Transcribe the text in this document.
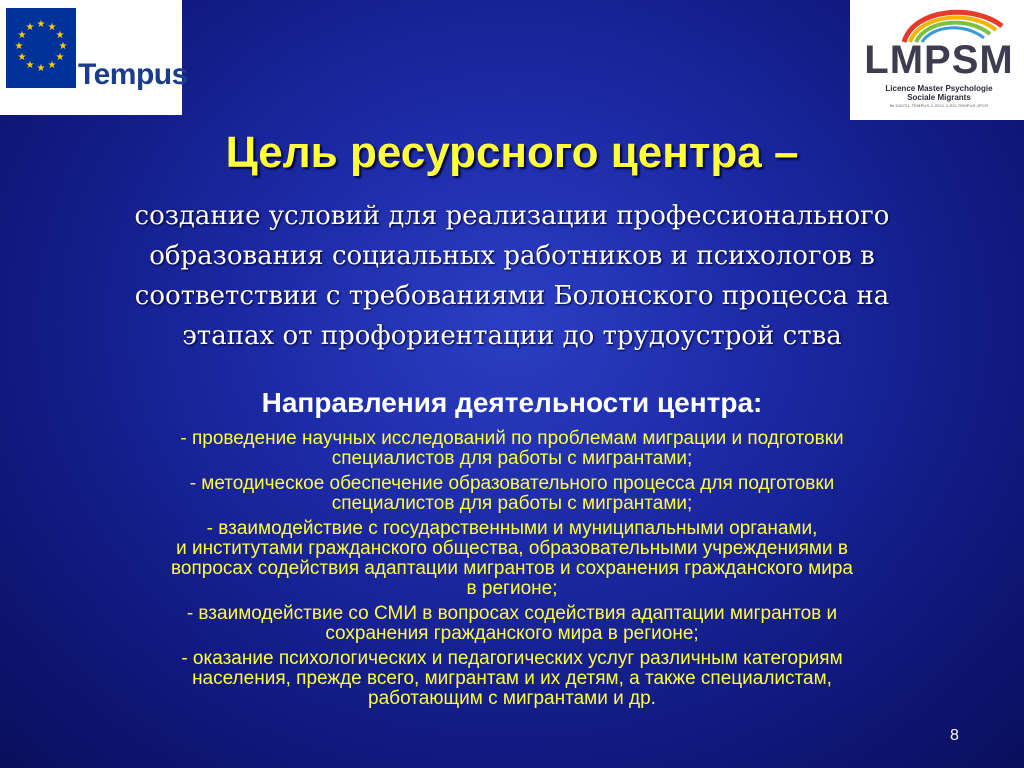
★ ★
★
★
★
★
★
★
★
★
★
★
Tempus	LMPSM
Licence Master Psychologie
Sociale Migrants
№ 516721-TEMPUS-1-2011-1-RO-TEMPUS-JPCR
Цель ресурсного центра –
создание условий для реализации профессионального
образования социальных работников и психологов в
соответствии с требованиями Болонского процесса на
этапах от профориентации до трудоустрой ства
Направления деятельности центра:
- проведение научных исследований по проблемам миграции и подготовки
специалистов для работы с мигрантами;
- методическое обеспечение образовательного процесса для подготовки
специалистов для работы с мигрантами;
- взаимодействие с государственными и муниципальными органами,
и институтами гражданского общества, образовательными учреждениями в
вопросах содействия адаптации мигрантов и сохранения гражданского мира
в регионе;
- взаимодействие со СМИ в вопросах содействия адаптации мигрантов и
сохранения гражданского мира в регионе;
- оказание психологических и педагогических услуг различным категориям
населения, прежде всего, мигрантам и их детям, а также специалистам,
работающим с мигрантами и др.
8
